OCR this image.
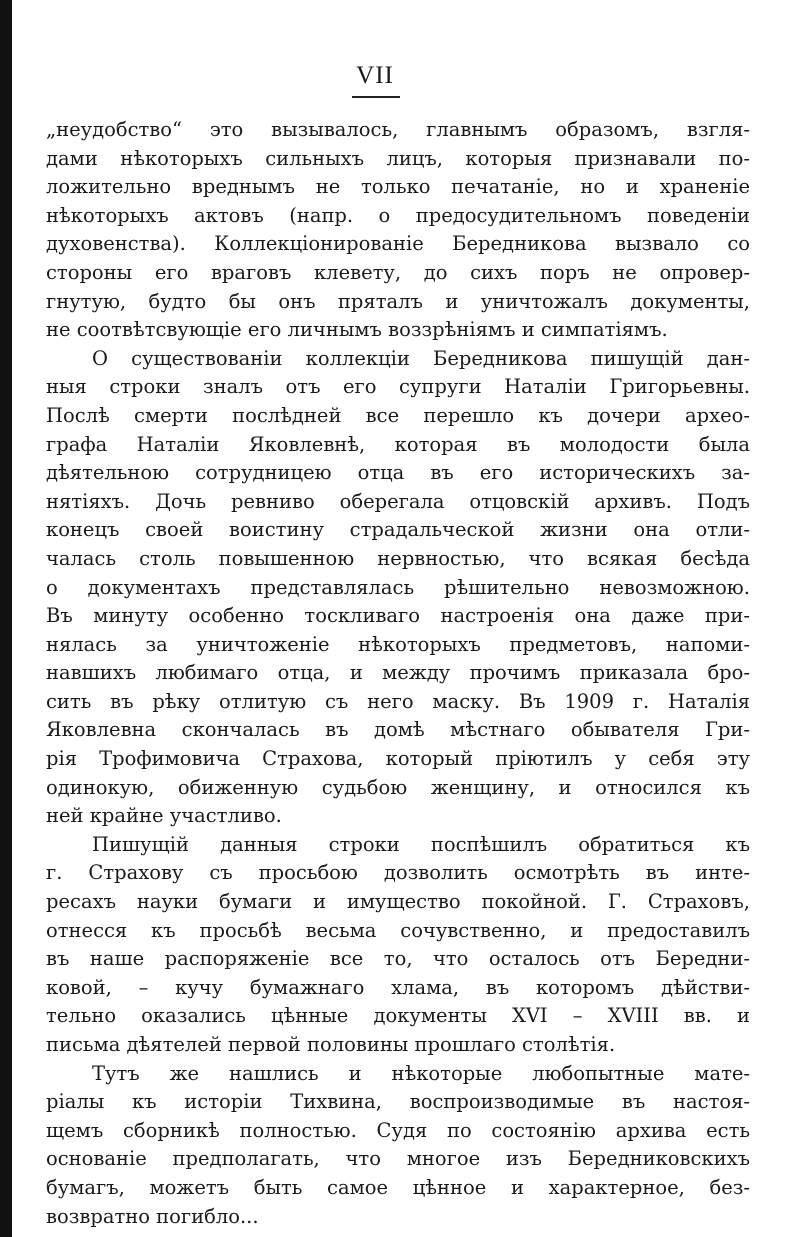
VII
„неудобство“ это вызывалось, главнымъ образомъ, взгля-
дами нѣкоторыхъ сильныхъ лицъ, которыя признавали по-
ложительно вреднымъ не только печатаніе, но и храненіе
нѣкоторыхъ актовъ (напр. о предосудительномъ поведеніи
духовенства). Коллекціонированіе Бередникова вызвало со
стороны его враговъ клевету, до сихъ поръ не опровер-
гнутую, будто бы онъ пряталъ и уничтожалъ документы,
не соотвѣтсвующіе его личнымъ воззрѣніямъ и симпатіямъ.
О существованіи коллекціи Бередникова пишущій дан-
ныя строки зналъ отъ его супруги Наталіи Григорьевны.
Послѣ смерти послѣдней все перешло къ дочери археo-
графа Наталіи Яковлевнѣ, которая въ молодости была
дѣятельною сотрудницею отца въ его историческихъ за-
нятіяхъ. Дочь ревниво оберегала отцовскій архивъ. Подъ
конецъ своей воистину страдальческой жизни она отли-
чалась столь повышенною нервностью, что всякая бесѣда
о документахъ представлялась рѣшительно невозможною.
Въ минуту особенно тоскливаго настроенія она даже при-
нялась за уничтоженіе нѣкоторыхъ предметовъ, напоми-
навшихъ любимаго отца, и между прочимъ приказала бро-
сить въ рѣку отлитую съ него маску. Въ 1909 г. Наталія
Яковлевна скончалась въ домѣ мѣстнаго обывателя Гри-
рія Трофимовича Страхова, который пріютилъ у себя эту
одинокую, обиженную судьбою женщину, и относился къ
ней крайне участливо.
Пишущій данныя строки поспѣшилъ обратиться къ
г. Страхову съ просьбою дозволить осмотрѣть въ инте-
ресахъ науки бумаги и имущество покойной. Г. Страховъ,
отнесся къ просьбѣ весьма сочувственно, и предоставилъ
въ наше распоряженіе все то, что осталось отъ Бередни-
ковой, – кучу бумажнаго хлама, въ которомъ дѣйстви-
тельно оказались цѣнные документы XVI – XVIII вв. и
письма дѣятелей первой половины прошлаго столѣтія.
Тутъ же нашлись и нѣкоторые любопытные мате-
ріалы къ исторіи Тихвина, воспроизводимые въ настоя-
щемъ сборникѣ полностью. Судя по состоянію архива есть
основаніе предполагать, что многое изъ Бередниковскихъ
бумагъ, можетъ быть самое цѣнное и характерное, без-
возвратно погибло...
